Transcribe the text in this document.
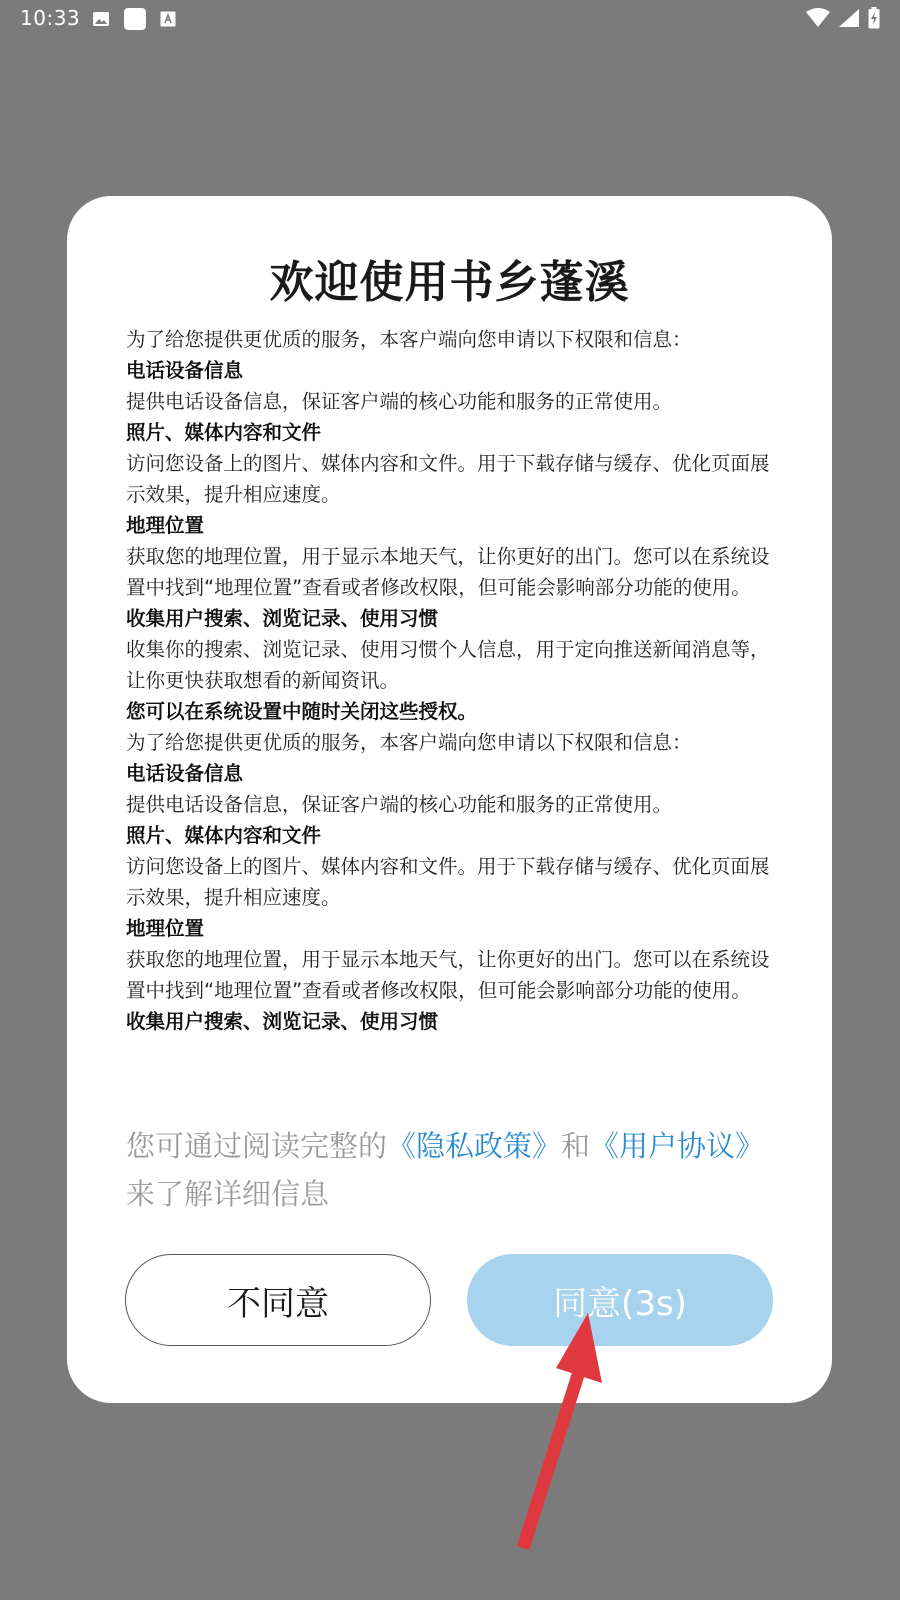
10:33
欢迎使用书乡蓬溪

为了给您提供更优质的服务，本客户端向您申请以下权限和信息：

电话设备信息

提供电话设备信息，保证客户端的核心功能和服务的正常使用。

照片、媒体内容和文件

访问您设备上的图片、媒体内容和文件。用于下载存储与缓存、优化页面展示效果，提升相应速度。

地理位置

获取您的地理位置，用于显示本地天气，让你更好的出门。您可以在系统设置中找到“地理位置”查看或者修改权限，但可能会影响部分功能的使用。

收集用户搜索、浏览记录、使用习惯

收集你的搜索、浏览记录、使用习惯个人信息，用于定向推送新闻消息等，让你更快获取想看的新闻资讯。

您可以在系统设置中随时关闭这些授权。

为了给您提供更优质的服务，本客户端向您申请以下权限和信息：

电话设备信息

提供电话设备信息，保证客户端的核心功能和服务的正常使用。

照片、媒体内容和文件

访问您设备上的图片、媒体内容和文件。用于下载存储与缓存、优化页面展示效果，提升相应速度。

地理位置

获取您的地理位置，用于显示本地天气，让你更好的出门。您可以在系统设置中找到“地理位置”查看或者修改权限，但可能会影响部分功能的使用。

收集用户搜索、浏览记录、使用习惯

您可通过阅读完整的《隐私政策》和《用户协议》
来了解详细信息
不同意	同意(3s)
